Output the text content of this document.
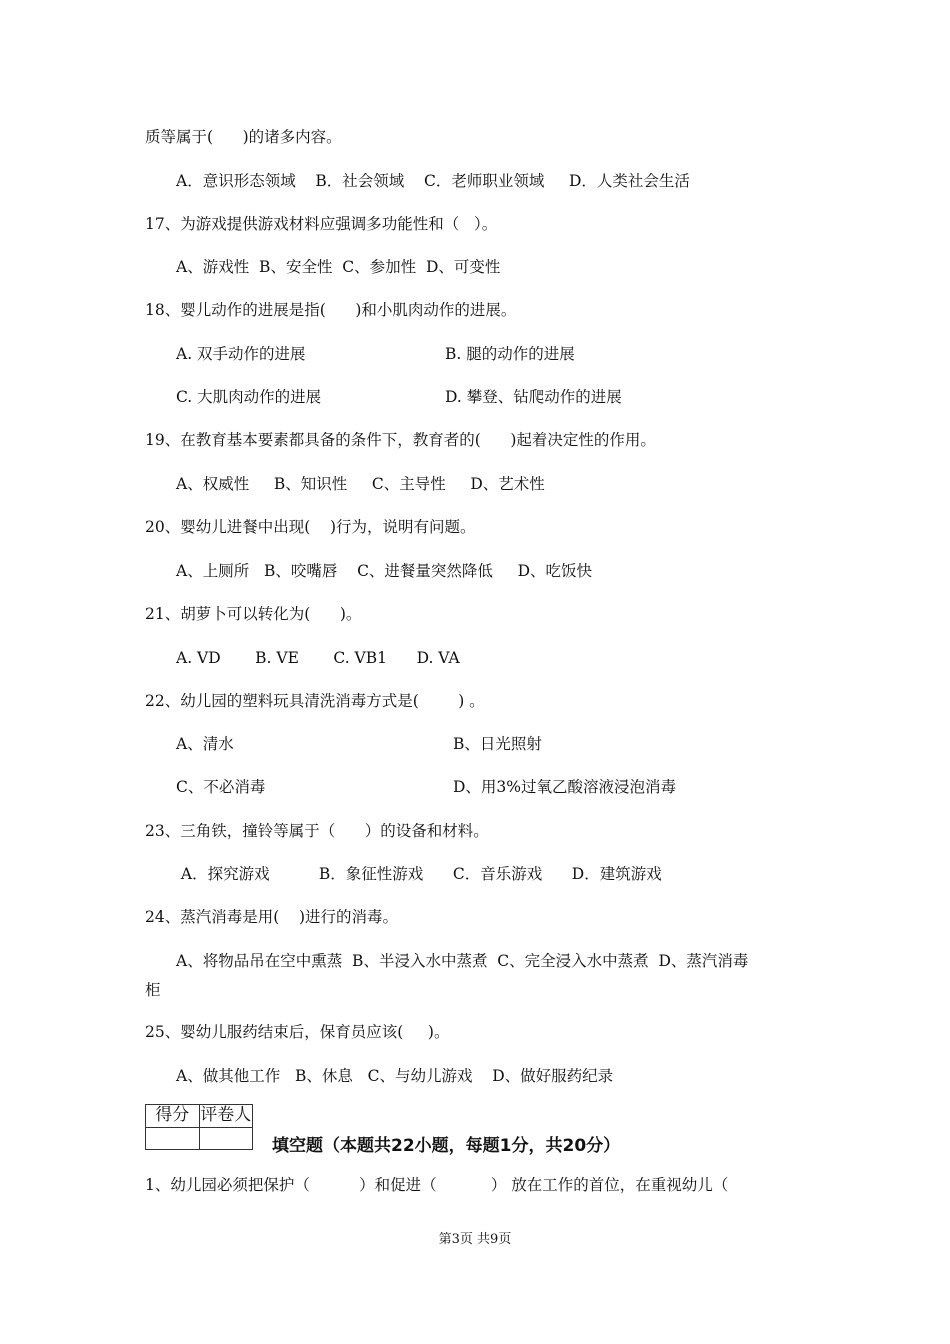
质等属于(      )的诸多内容。
A．意识形态领域    B．社会领域    C．老师职业领域     D．人类社会生活
17、为游戏提供游戏材料应强调多功能性和（   ）。
A、游戏性  B、安全性  C、参加性  D、可变性
18、婴儿动作的进展是指(      )和小肌肉动作的进展。
A. 双手动作的进展	B. 腿的动作的进展
C. 大肌肉动作的进展	D. 攀登、钻爬动作的进展
19、在教育基本要素都具备的条件下，教育者的(      )起着决定性的作用。
A、权威性     B、知识性     C、主导性     D、艺术性
20、婴幼儿进餐中出现(    )行为，说明有问题。
A、上厕所   B、咬嘴唇    C、进餐量突然降低     D、吃饭快
21、胡萝卜可以转化为(      )。
A. VD       B. VE       C. VB1      D. VA
22、幼儿园的塑料玩具清洗消毒方式是(        ) 。
A、清水	B、日光照射
C、不必消毒	D、用3%过氧乙酸溶液浸泡消毒
23、三角铁，撞铃等属于（      ）的设备和材料。
A．探究游戏          B．象征性游戏      C．音乐游戏      D．建筑游戏
24、蒸汽消毒是用(    )进行的消毒。
A、将物品吊在空中熏蒸  B、半浸入水中蒸煮  C、完全浸入水中蒸煮  D、蒸汽消毒
柜
25、婴幼儿服药结束后，保育员应该(     )。
A、做其他工作   B、休息   C、与幼儿游戏    D、做好服药纪录
得分	评卷人

填空题（本题共22小题，每题1分，共20分）
1、幼儿园必须把保护（          ）和促进（           ） 放在工作的首位，在重视幼儿（
第3页 共9页
